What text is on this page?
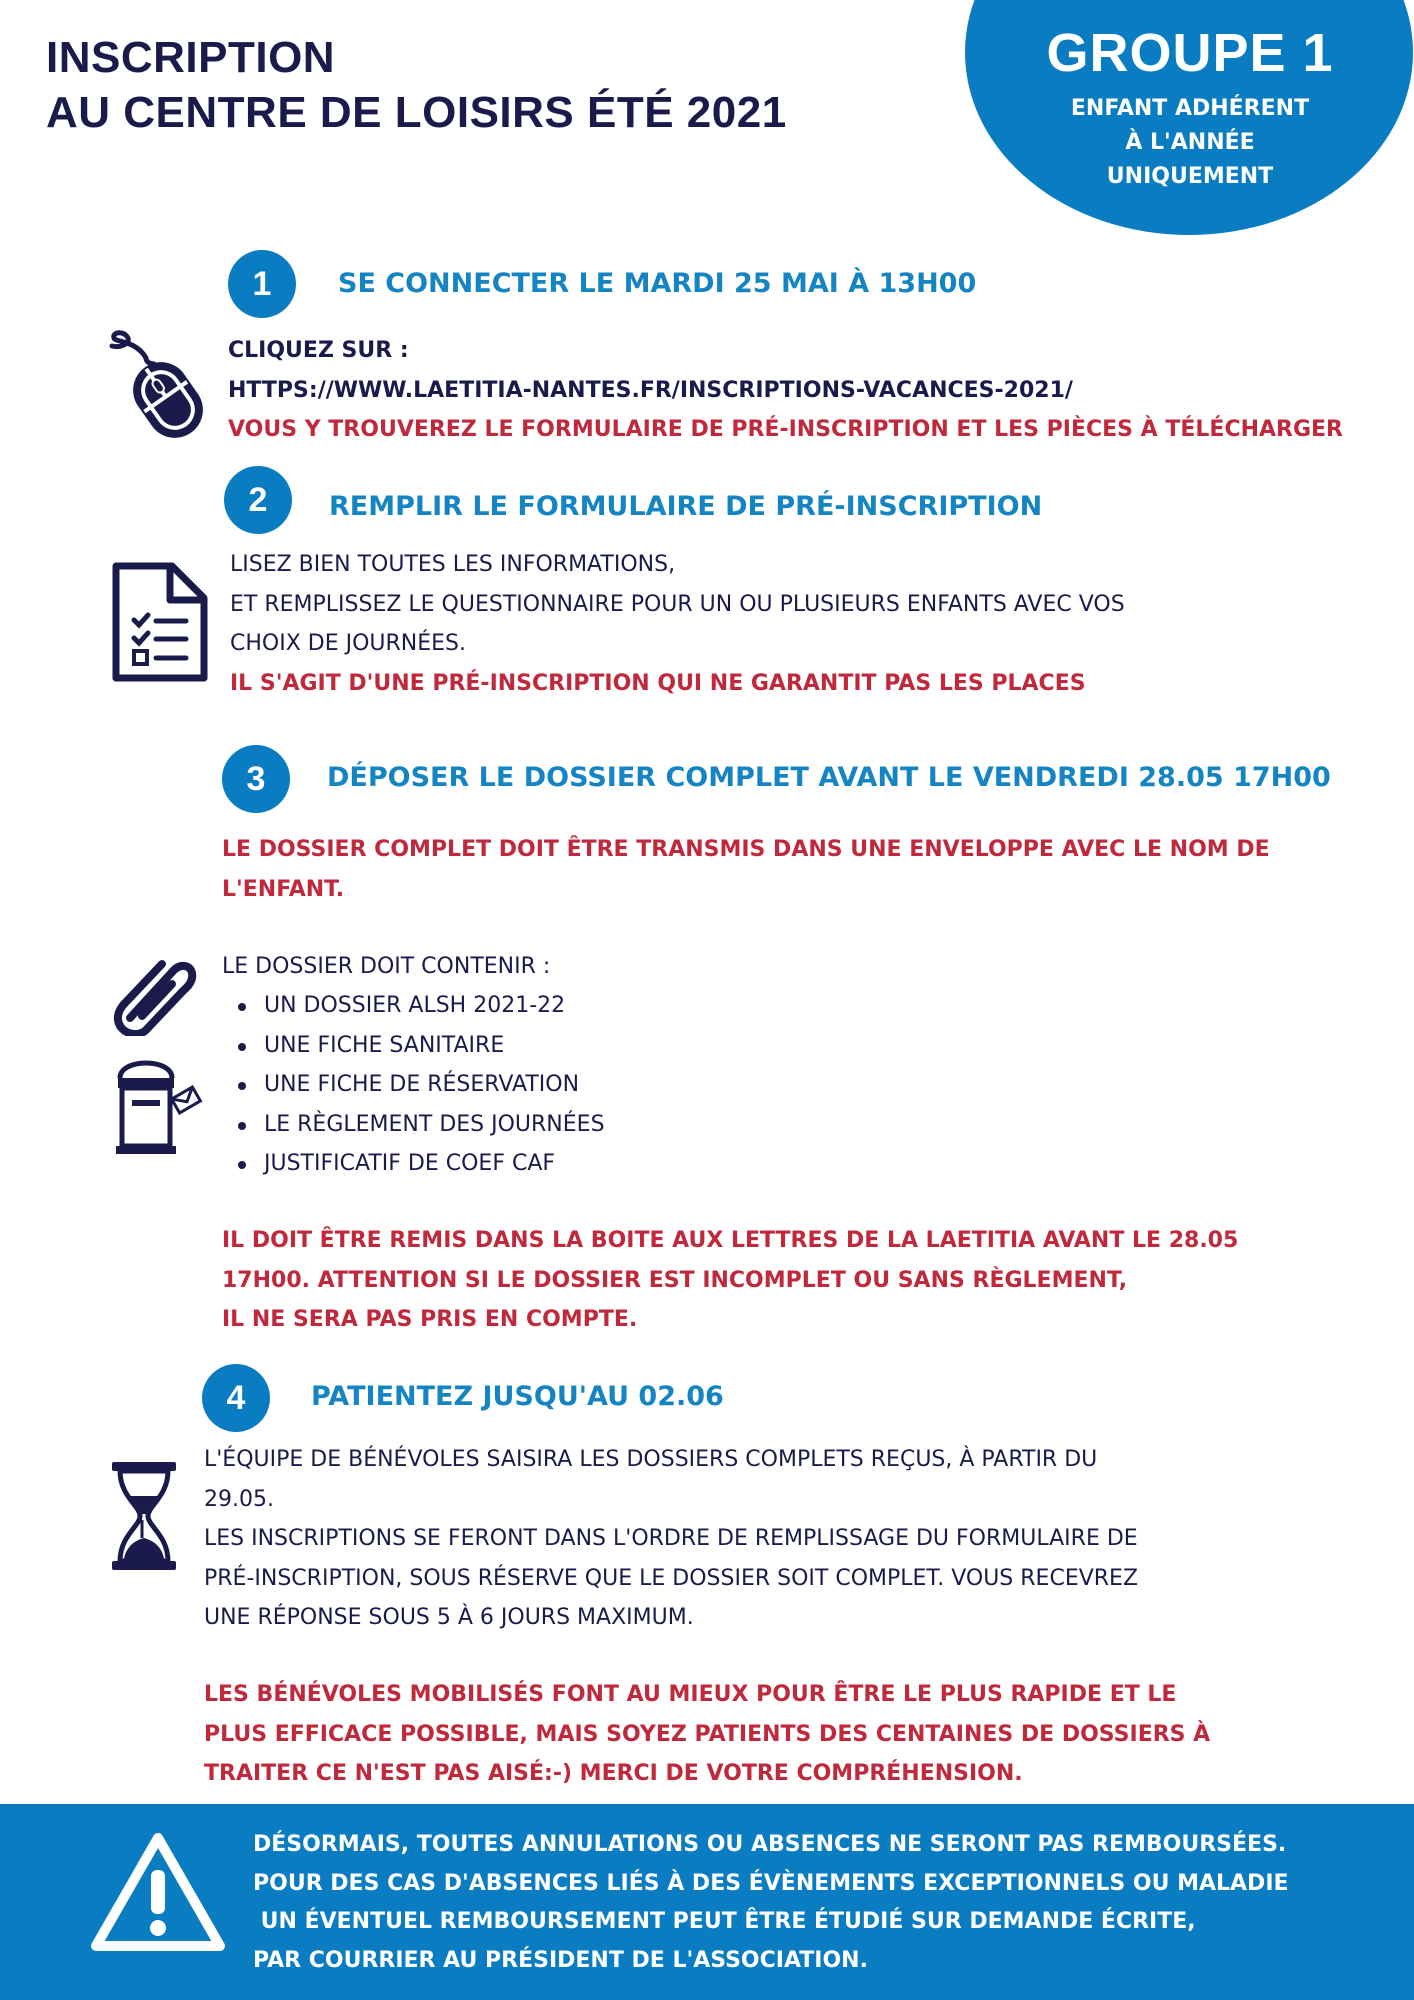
INSCRIPTION
AU CENTRE DE LOISIRS ÉTÉ 2021
GROUPE 1
ENFANT ADHÉRENT
À L'ANNÉE
UNIQUEMENT
1	SE CONNECTER LE MARDI 25 MAI À 13H00
CLIQUEZ SUR :
HTTPS://WWW.LAETITIA-NANTES.FR/INSCRIPTIONS-VACANCES-2021/
VOUS Y TROUVEREZ LE FORMULAIRE DE PRÉ-INSCRIPTION ET LES PIÈCES À TÉLÉCHARGER
2	REMPLIR LE FORMULAIRE DE PRÉ-INSCRIPTION
LISEZ BIEN TOUTES LES INFORMATIONS,
ET REMPLISSEZ LE QUESTIONNAIRE POUR UN OU PLUSIEURS ENFANTS AVEC VOS
CHOIX DE JOURNÉES.
IL S'AGIT D'UNE PRÉ-INSCRIPTION QUI NE GARANTIT PAS LES PLACES
3	DÉPOSER LE DOSSIER COMPLET AVANT LE VENDREDI 28.05 17H00
LE DOSSIER COMPLET DOIT ÊTRE TRANSMIS DANS UNE ENVELOPPE AVEC LE NOM DE
L'ENFANT.
LE DOSSIER DOIT CONTENIR :
UN DOSSIER ALSH 2021-22
UNE FICHE SANITAIRE
UNE FICHE DE RÉSERVATION
LE RÈGLEMENT DES JOURNÉES
JUSTIFICATIF DE COEF CAF
IL DOIT ÊTRE REMIS DANS LA BOITE AUX LETTRES DE LA LAETITIA AVANT LE 28.05
17H00. ATTENTION SI LE DOSSIER EST INCOMPLET OU SANS RÈGLEMENT,
IL NE SERA PAS PRIS EN COMPTE.
4	PATIENTEZ JUSQU'AU 02.06
L'ÉQUIPE DE BÉNÉVOLES SAISIRA LES DOSSIERS COMPLETS REÇUS, À PARTIR DU
29.05.
LES INSCRIPTIONS SE FERONT DANS L'ORDRE DE REMPLISSAGE DU FORMULAIRE DE
PRÉ-INSCRIPTION, SOUS RÉSERVE QUE LE DOSSIER SOIT COMPLET. VOUS RECEVREZ
UNE RÉPONSE SOUS 5 À 6 JOURS MAXIMUM.
LES BÉNÉVOLES MOBILISÉS FONT AU MIEUX POUR ÊTRE LE PLUS RAPIDE ET LE
PLUS EFFICACE POSSIBLE, MAIS SOYEZ PATIENTS DES CENTAINES DE DOSSIERS À
TRAITER CE N'EST PAS AISÉ:-) MERCI DE VOTRE COMPRÉHENSION.
DÉSORMAIS, TOUTES ANNULATIONS OU ABSENCES NE SERONT PAS REMBOURSÉES.
POUR DES CAS D'ABSENCES LIÉS À DES ÉVÈNEMENTS EXCEPTIONNELS OU MALADIE
UN ÉVENTUEL REMBOURSEMENT PEUT ÊTRE ÉTUDIÉ SUR DEMANDE ÉCRITE,
PAR COURRIER AU PRÉSIDENT DE L'ASSOCIATION.
